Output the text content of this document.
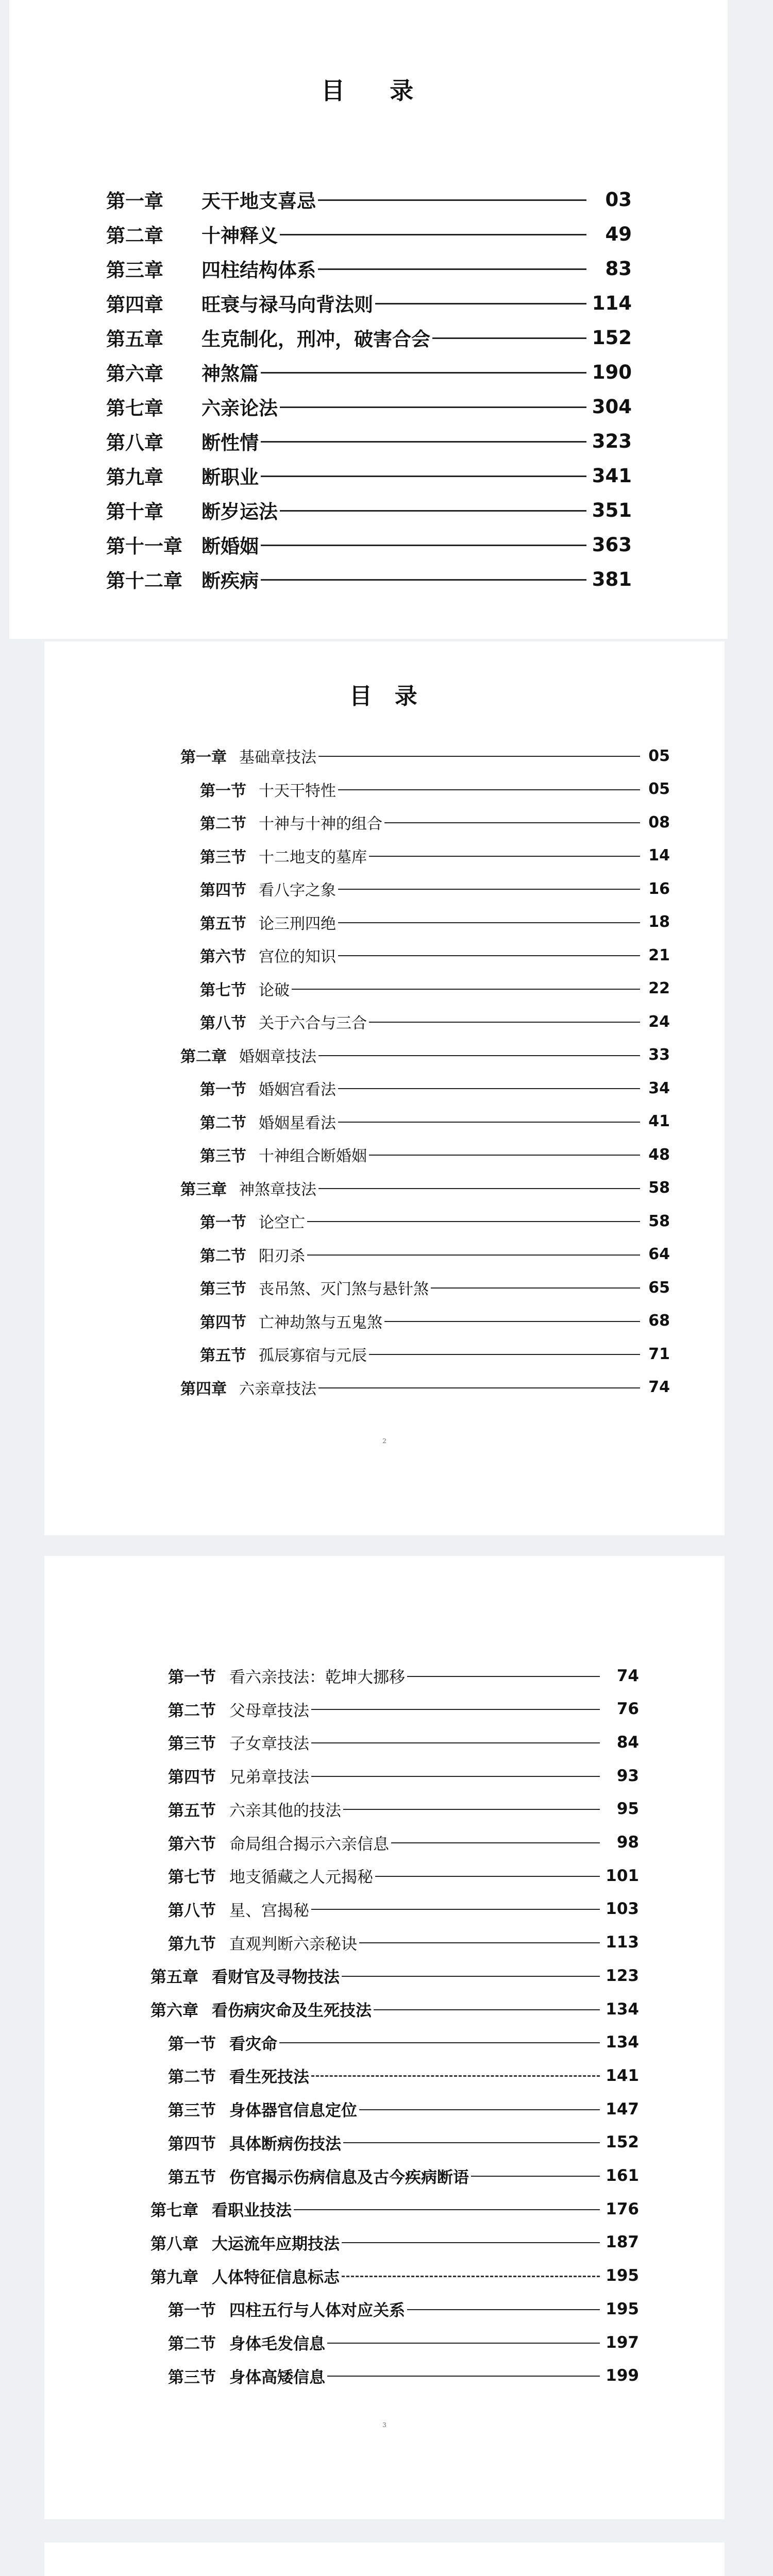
目    录
第一章	天干地支喜忌	03
第二章	十神释义	49
第三章	四柱结构体系	83
第四章	旺衰与禄马向背法则	114
第五章	生克制化，刑冲，破害合会	152
第六章	神煞篇	190
第七章	六亲论法	304
第八章	断性情	323
第九章	断职业	341
第十章	断岁运法	351
第十一章	断婚姻	363
第十二章	断疾病	381
目  录
第一章 基础章技法	05
第一节 十天干特性	05
第二节 十神与十神的组合	08
第三节 十二地支的墓库	14
第四节 看八字之象	16
第五节 论三刑四绝	18
第六节 宫位的知识	21
第七节 论破	22
第八节 关于六合与三合	24
第二章 婚姻章技法	33
第一节 婚姻宫看法	34
第二节 婚姻星看法	41
第三节 十神组合断婚姻	48
第三章 神煞章技法	58
第一节 论空亡	58
第二节 阳刃杀	64
第三节 丧吊煞、灭门煞与悬针煞	65
第四节 亡神劫煞与五鬼煞	68
第五节 孤辰寡宿与元辰	71
第四章 六亲章技法	74
2
第一节 看六亲技法：乾坤大挪移	74
第二节 父母章技法	76
第三节 子女章技法	84
第四节 兄弟章技法	93
第五节 六亲其他的技法	95
第六节 命局组合揭示六亲信息	98
第七节 地支循藏之人元揭秘	101
第八节 星、宫揭秘	103
第九节 直观判断六亲秘诀	113
第五章 看财官及寻物技法	123
第六章 看伤病灾命及生死技法	134
第一节 看灾命	134
第二节 看生死技法	141
第三节 身体器官信息定位	147
第四节 具体断病伤技法	152
第五节 伤官揭示伤病信息及古今疾病断语	161
第七章 看职业技法	176
第八章 大运流年应期技法	187
第九章 人体特征信息标志	195
第一节 四柱五行与人体对应关系	195
第二节 身体毛发信息	197
第三节 身体高矮信息	199
3
